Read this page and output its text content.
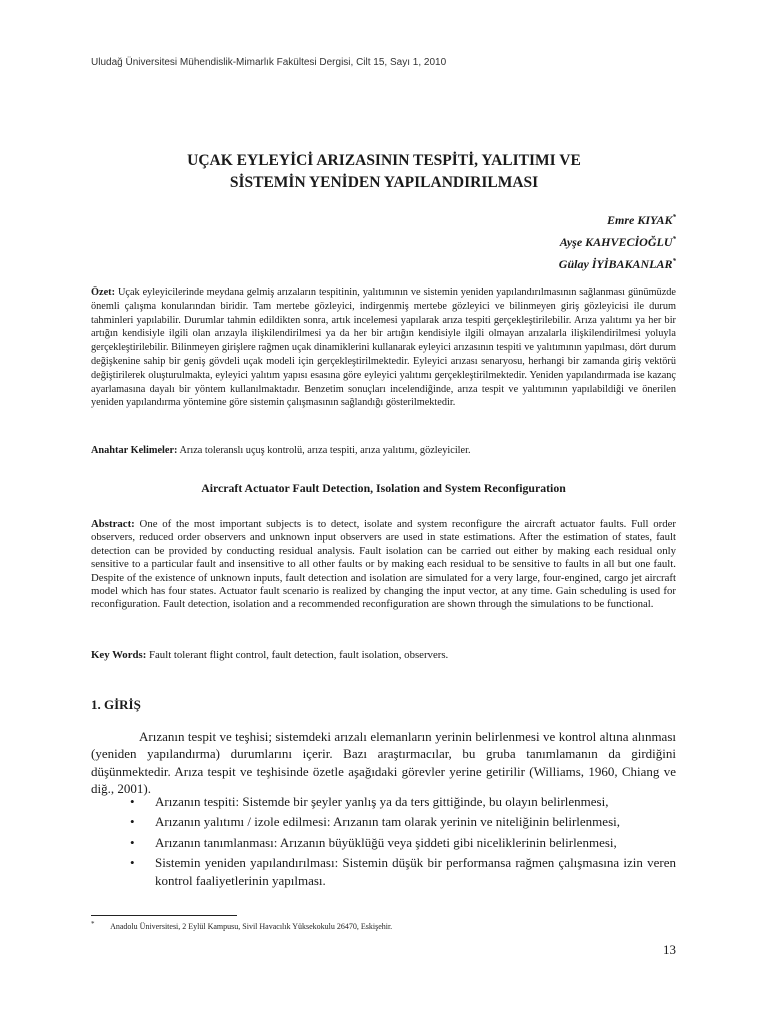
Uludağ Üniversitesi Mühendislik-Mimarlık Fakültesi Dergisi, Cilt 15, Sayı 1, 2010
UÇAK EYLEYİCİ ARIZASININ TESPİTİ, YALITIMI VE
SİSTEMİN YENİDEN YAPILANDIRILMASI
Emre KIYAK*
Ayşe KAHVECİOĞLU*
Gülay İYİBAKANLAR*
Özet: Uçak eyleyicilerinde meydana gelmiş arızaların tespitinin, yalıtımının ve sistemin yeniden yapılandırılmasının sağlanması günümüzde önemli çalışma konularından biridir. Tam mertebe gözleyici, indirgenmiş mertebe gözleyici ve bilinmeyen giriş gözleyicisi ile durum tahminleri yapılabilir. Durumlar tahmin edildikten sonra, artık incelemesi yapılarak arıza tespiti gerçekleştirilebilir. Arıza yalıtımı ya her bir artığın kendisiyle ilgili olan arızayla ilişkilendirilmesi ya da her bir artığın kendisiyle ilgili olmayan arızalarla ilişkilendirilmesi yoluyla gerçekleştirilebilir. Bilinmeyen girişlere rağmen uçak dinamiklerini kullanarak eyleyici arızasının tespiti ve yalıtımının yapılması, dört durum değişkenine sahip bir geniş gövdeli uçak modeli için gerçekleştirilmektedir. Eyleyici arızası senaryosu, herhangi bir zamanda giriş vektörü değiştirilerek oluşturulmakta, eyleyici yalıtım yapısı esasına göre eyleyici yalıtımı gerçekleştirilmektedir. Yeniden yapılandırmada ise kazanç ayarlamasına dayalı bir yöntem kullanılmaktadır. Benzetim sonuçları incelendiğinde, arıza tespit ve yalıtımının yapılabildiği ve önerilen yeniden yapılandırma yöntemine göre sistemin çalışmasının sağlandığı gösterilmektedir.
Anahtar Kelimeler: Arıza toleranslı uçuş kontrolü, arıza tespiti, arıza yalıtımı, gözleyiciler.
Aircraft Actuator Fault Detection, Isolation and System Reconfiguration
Abstract: One of the most important subjects is to detect, isolate and system reconfigure the aircraft actuator faults. Full order observers, reduced order observers and unknown input observers are used in state estimations. After the estimation of states, fault detection can be provided by conducting residual analysis. Fault isolation can be carried out either by making each residual only sensitive to a particular fault and insensitive to all other faults or by making each residual to be sensitive to faults in all but one fault. Despite of the existence of unknown inputs, fault detection and isolation are simulated for a very large, four-engined, cargo jet aircraft model which has four states. Actuator fault scenario is realized by changing the input vector, at any time. Gain scheduling is used for reconfiguration. Fault detection, isolation and a recommended reconfiguration are shown through the simulations to be functional.
Key Words: Fault tolerant flight control, fault detection, fault isolation, observers.
1. GİRİŞ
Arızanın tespit ve teşhisi; sistemdeki arızalı elemanların yerinin belirlenmesi ve kontrol altına alınması (yeniden yapılandırma) durumlarını içerir. Bazı araştırmacılar, bu gruba tanımlamanın da girdiğini düşünmektedir. Arıza tespit ve teşhisinde özetle aşağıdaki görevler yerine getirilir (Williams, 1960, Chiang ve diğ., 2001).
• Arızanın tespiti: Sistemde bir şeyler yanlış ya da ters gittiğinde, bu olayın belirlenmesi,
• Arızanın yalıtımı / izole edilmesi: Arızanın tam olarak yerinin ve niteliğinin belirlenmesi,
• Arızanın tanımlanması: Arızanın büyüklüğü veya şiddeti gibi niceliklerinin belirlenmesi,
• Sistemin yeniden yapılandırılması: Sistemin düşük bir performansa rağmen çalışmasına izin veren kontrol faaliyetlerinin yapılması.
* Anadolu Üniversitesi, 2 Eylül Kampusu, Sivil Havacılık Yüksekokulu 26470, Eskişehir.
13
